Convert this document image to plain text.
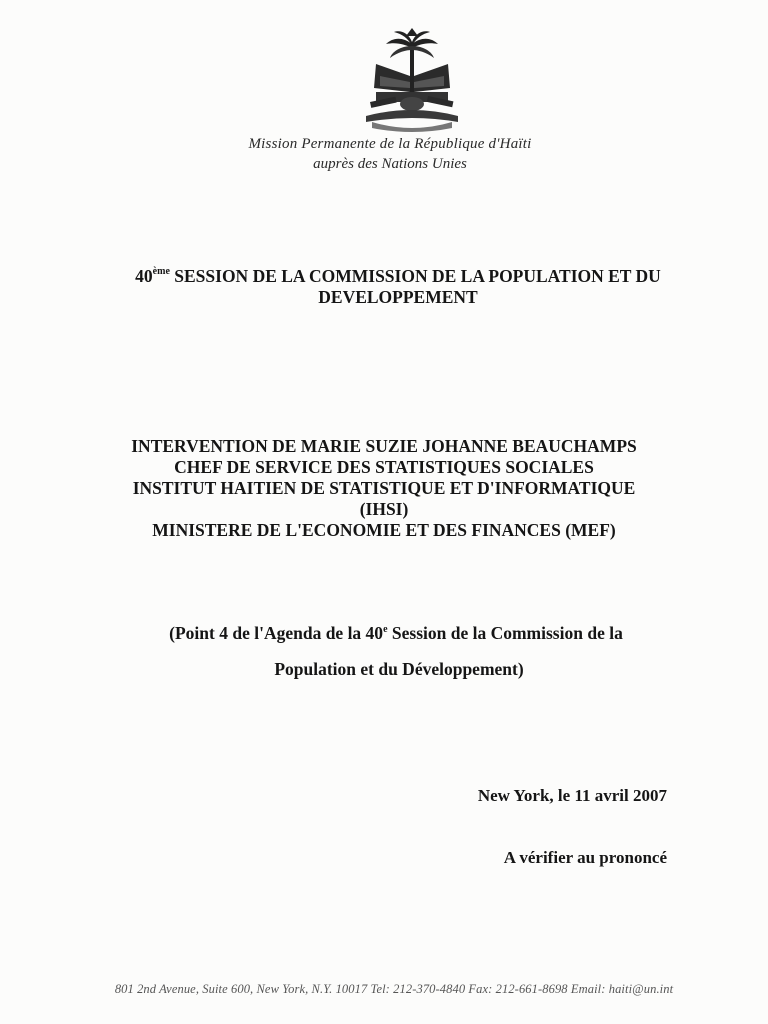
Mission Permanente de la République d'Haïti
auprès des Nations Unies
40ème SESSION DE LA COMMISSION DE LA POPULATION ET DU
DEVELOPPEMENT
INTERVENTION DE MARIE SUZIE JOHANNE BEAUCHAMPS
CHEF DE SERVICE DES STATISTIQUES SOCIALES
INSTITUT HAITIEN DE STATISTIQUE ET D'INFORMATIQUE
(IHSI)
MINISTERE DE L'ECONOMIE ET DES FINANCES (MEF)
(Point 4 de l'Agenda de la 40e Session de la Commission de la
Population et du Développement)
New York, le 11 avril 2007
A vérifier au prononcé
801 2nd Avenue, Suite 600, New York, N.Y. 10017 Tel: 212-370-4840 Fax: 212-661-8698 Email: haiti@un.int
